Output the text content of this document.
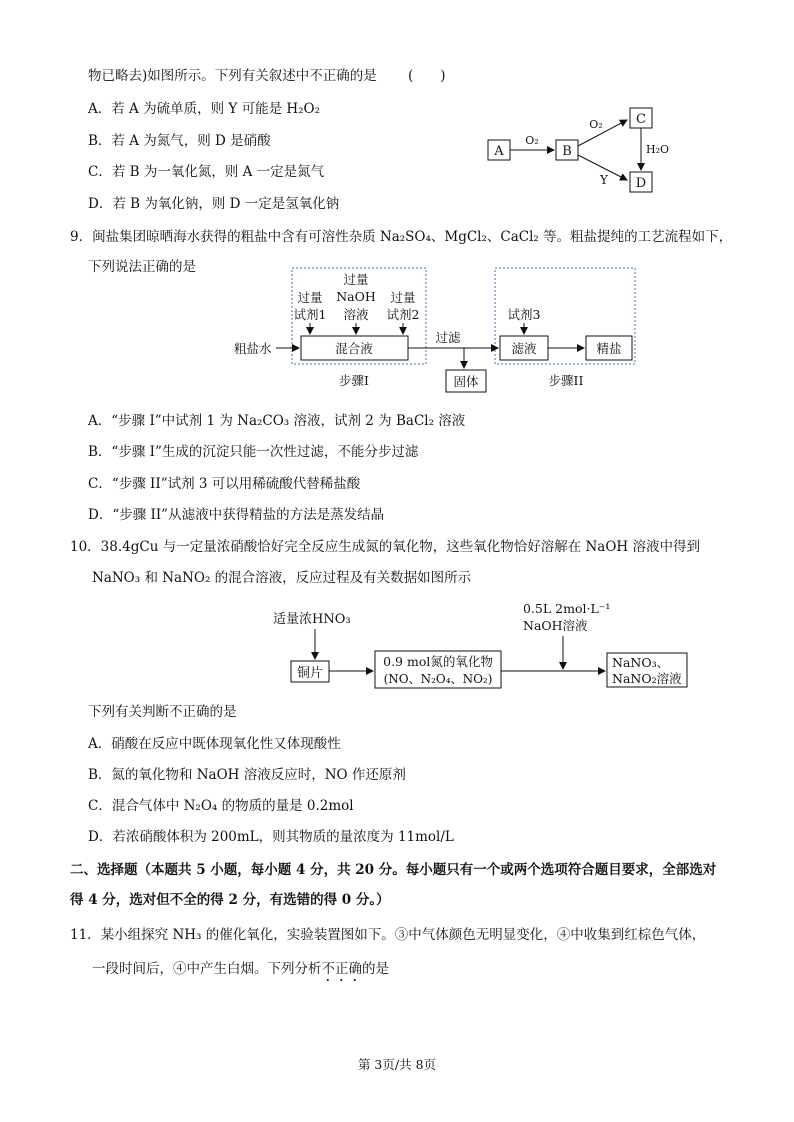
物已略去)如图所示。下列有关叙述中不正确的是 (　　)
A．若 A 为硫单质，则 Y 可能是 H₂O₂
B．若 A 为氮气，则 D 是硝酸
C．若 B 为一氧化氮，则 A 一定是氮气
D．若 B 为氧化钠，则 D 一定是氢氧化钠
A
O₂
B
O₂
Y
C
H₂O
D
9．闽盐集团晾晒海水获得的粗盐中含有可溶性杂质 Na₂SO₄、MgCl₂、CaCl₂ 等。粗盐提纯的工艺流程如下，
下列说法正确的是
过量
试剂1
过量
NaOH
溶液
过量
试剂2
粗盐水	混合液
过滤
固体
试剂3
滤液	精盐
步骤I	步骤II
A．“步骤 I”中试剂 1 为 Na₂CO₃ 溶液，试剂 2 为 BaCl₂ 溶液
B．“步骤 I”生成的沉淀只能一次性过滤，不能分步过滤
C．“步骤 II”试剂 3 可以用稀硫酸代替稀盐酸
D．“步骤 II”从滤液中获得精盐的方法是蒸发结晶
10．38.4gCu 与一定量浓硝酸恰好完全反应生成氮的氧化物，这些氧化物恰好溶解在 NaOH 溶液中得到
NaNO₃ 和 NaNO₂ 的混合溶液，反应过程及有关数据如图所示
适量浓HNO₃
铜片
0.9 mol氮的氧化物
(NO、N₂O₄、NO₂)
0.5L 2mol·L⁻¹
NaOH溶液
NaNO₃、
NaNO₂溶液
下列有关判断不正确的是
A．硝酸在反应中既体现氧化性又体现酸性
B．氮的氧化物和 NaOH 溶液反应时，NO 作还原剂
C．混合气体中 N₂O₄ 的物质的量是 0.2mol
D．若浓硝酸体积为 200mL，则其物质的量浓度为 11mol/L
二、选择题（本题共 5 小题，每小题 4 分，共 20 分。每小题只有一个或两个选项符合题目要求，全部选对
得 4 分，选对但不全的得 2 分，有选错的得 0 分。）
11．某小组探究 NH₃ 的催化氧化，实验装置图如下。③中气体颜色无明显变化，④中收集到红棕色气体，
一段时间后，④中产生白烟。下列分析不正确的是
第 3页/共 8页
